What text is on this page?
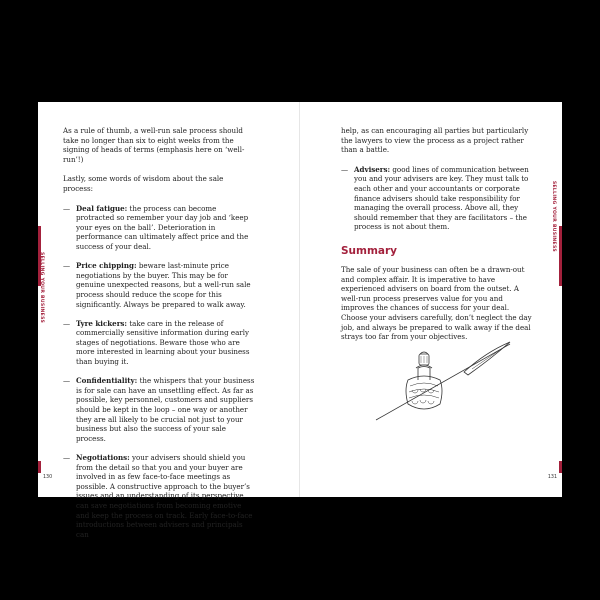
As a rule of thumb, a well-run sale process should take no longer than six to eight weeks from the signing of heads of terms (emphasis here on ‘well-run’!)

Lastly, some words of wisdom about the sale process:

— Deal fatigue: the process can become protracted so remember your day job and ‘keep your eyes on the ball’. Deterioration in performance can ultimately affect price and the success of your deal.
— Price chipping: beware last-minute price negotiations by the buyer. This may be for genuine unexpected reasons, but a well-run sale process should reduce the scope for this significantly. Always be prepared to walk away.
— Tyre kickers: take care in the release of commercially sensitive information during early stages of negotiations. Beware those who are more interested in learning about your business than buying it.
— Confidentiality: the whispers that your business is for sale can have an unsettling effect. As far as possible, key personnel, customers and suppliers should be kept in the loop – one way or another they are all likely to be crucial not just to your business but also the success of your sale process.
— Negotiations: your advisers should shield you from the detail so that you and your buyer are involved in as few face-to-face meetings as possible. A constructive approach to the buyer’s issues and an understanding of its perspective can save negotiations from becoming emotive and keep the process on track. Early face-to-face introductions between advisers and principals can
SELLING YOUR BUSINESS
130

help, as can encouraging all parties but particularly the lawyers to view the process as a project rather than a battle.

— Advisers: good lines of communication between you and your advisers are key. They must talk to each other and your accountants or corporate finance advisers should take responsibility for managing the overall process. Above all, they should remember that they are facilitators – the process is not about them.
Summary

The sale of your business can often be a drawn-out and complex affair. It is imperative to have experienced advisers on board from the outset. A well-run process preserves value for you and improves the chances of success for your deal. Choose your advisers carefully, don’t neglect the day job, and always be prepared to walk away if the deal strays too far from your objectives.

SELLING YOUR BUSINESS
131
